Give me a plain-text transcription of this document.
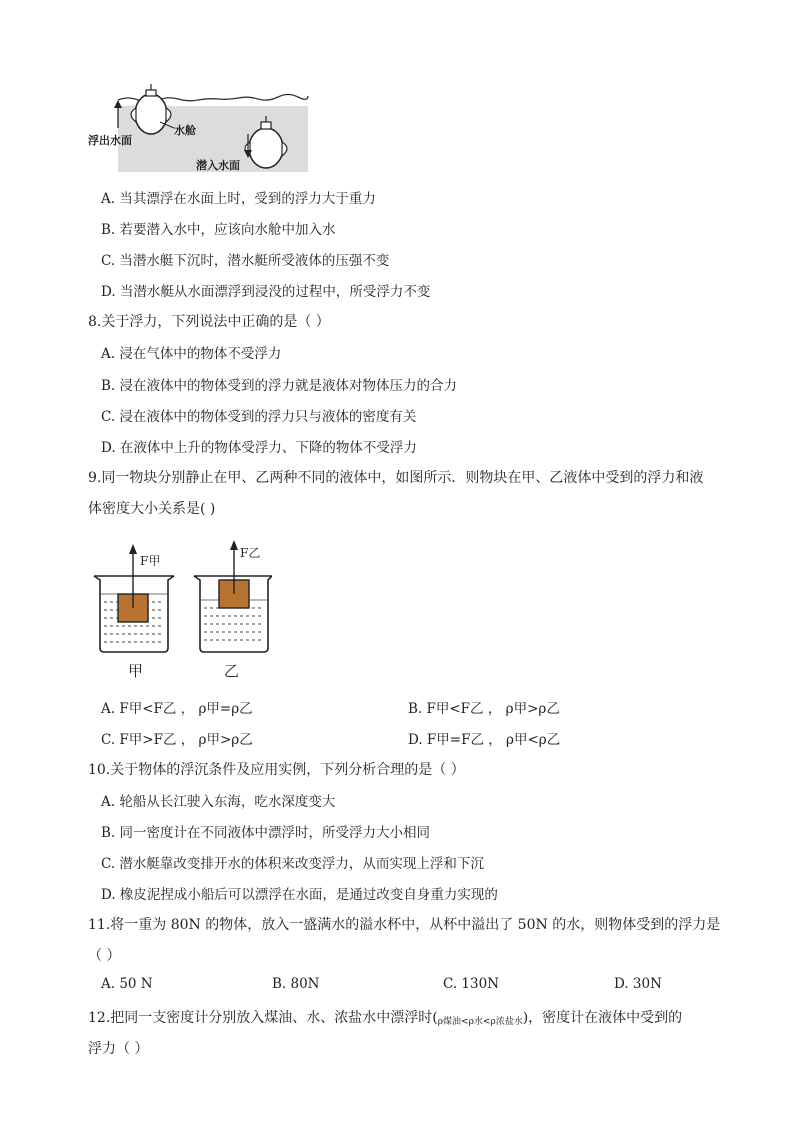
浮出水面
水舱
潜入水面
A. 当其漂浮在水面上时，受到的浮力大于重力
B. 若要潜入水中，应该向水舱中加入水
C. 当潜水艇下沉时，潜水艇所受液体的压强不变
D. 当潜水艇从水面漂浮到浸没的过程中，所受浮力不变
8.关于浮力，下列说法中正确的是（ ）
A. 浸在气体中的物体不受浮力
B. 浸在液体中的物体受到的浮力就是液体对物体压力的合力
C. 浸在液体中的物体受到的浮力只与液体的密度有关
D. 在液体中上升的物体受浮力、下降的物体不受浮力
9.同一物块分别静止在甲、乙两种不同的液体中，如图所示．则物块在甲、乙液体中受到的浮力和液
体密度大小关系是( )
F甲
F乙
甲	乙
A. F甲<F乙 ， ρ甲=ρ乙	B. F甲<F乙 ， ρ甲>ρ乙
C. F甲>F乙 ， ρ甲>ρ乙	D. F甲=F乙 ， ρ甲<ρ乙
10.关于物体的浮沉条件及应用实例，下列分析合理的是（ ）
A. 轮船从长江驶入东海，吃水深度变大
B. 同一密度计在不同液体中漂浮时，所受浮力大小相同
C. 潜水艇靠改变排开水的体积来改变浮力，从而实现上浮和下沉
D. 橡皮泥捏成小船后可以漂浮在水面，是通过改变自身重力实现的
11.将一重为 80N 的物体，放入一盛满水的溢水杯中，从杯中溢出了 50N 的水，则物体受到的浮力是
（ ）
A. 50 N	B. 80N	C. 130N	D. 30N
12.把同一支密度计分别放入煤油、水、浓盐水中漂浮时$(_{\rho 煤油<\rho 水<\rho 浓盐水})$，密度计在液体中受到的
浮力（ ）
